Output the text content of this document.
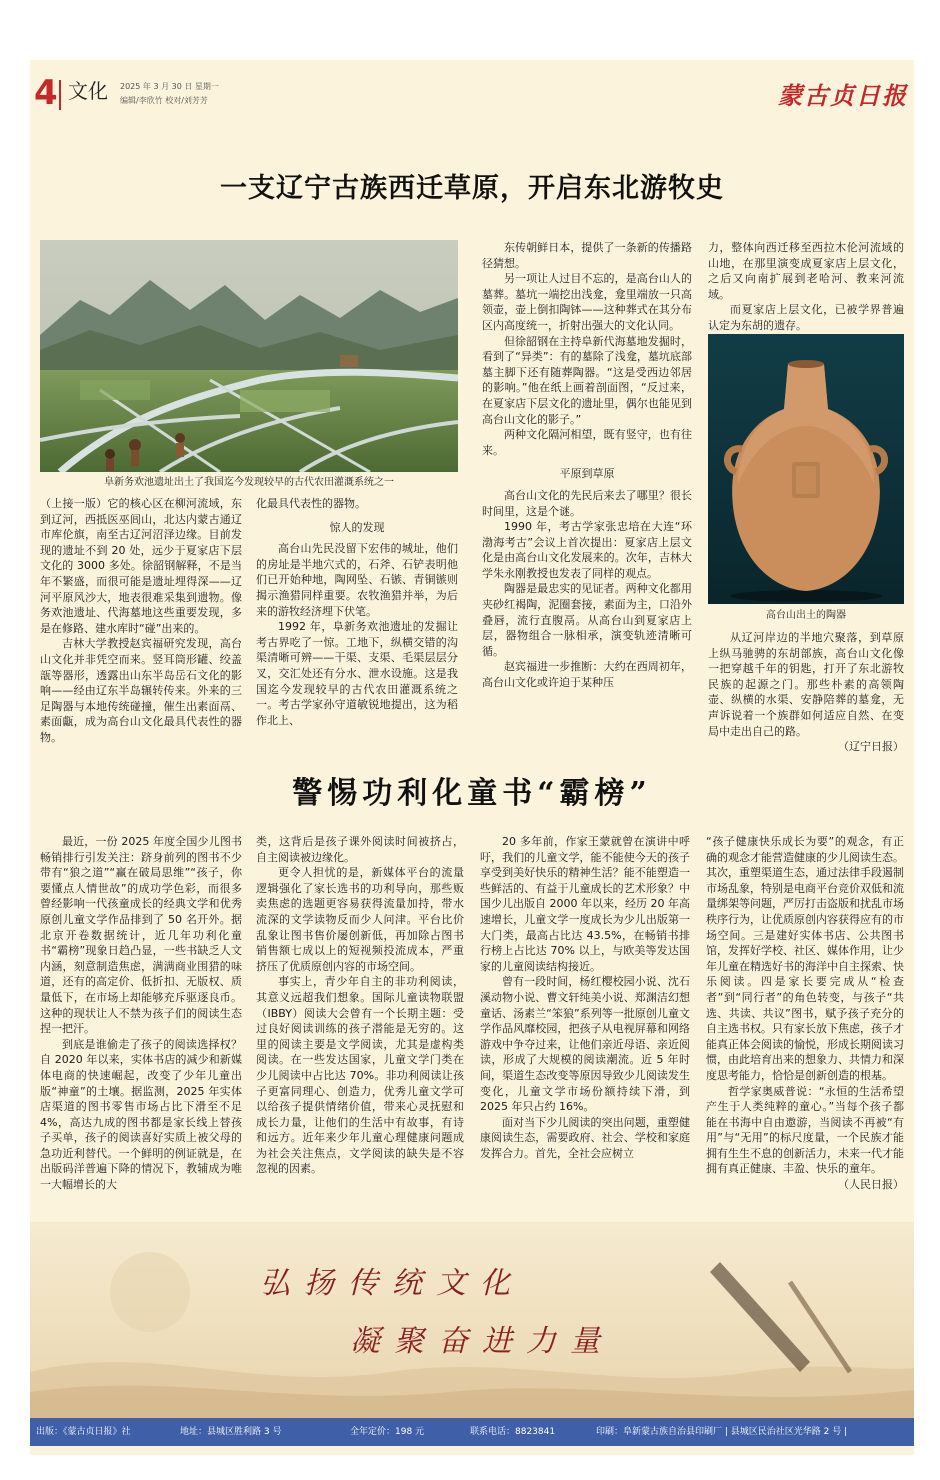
4 文化 2025 年 3 月 30 日 星期一
编辑/李欣竹 校对/刘芳芳	蒙古贞日报
一支辽宁古族西迁草原，开启东北游牧史
阜新务欢池遗址出土了我国迄今发现较早的古代农田灌溉系统之一

东传朝鲜日本，提供了一条新的传播路径猜想。

另一项让人过目不忘的，是高台山人的墓葬。墓坑一端挖出浅龛，龛里端放一只高领壶，壶上倒扣陶钵——这种葬式在其分布区内高度统一，折射出强大的文化认同。

但徐韶钢在主持阜新代海墓地发掘时，看到了“异类”：有的墓除了浅龛，墓坑底部墓主脚下还有随葬陶器。“这是受西边邻居的影响。”他在纸上画着剖面图，“反过来，在夏家店下层文化的遗址里，偶尔也能见到高台山文化的影子。”

两种文化隔河相望，既有竖守，也有往来。

平原到草原

高台山文化的先民后来去了哪里？很长时间里，这是个谜。

1990 年，考古学家张忠培在大连“环渤海考古”会议上首次提出：夏家店上层文化是由高台山文化发展来的。次年，吉林大学朱永刚教授也发表了同样的观点。

陶器是最忠实的见证者。两种文化都用夹砂红褐陶，泥圈套接，素面为主，口沿外叠唇，流行直腹鬲。从高台山到夏家店上层，器物组合一脉相承，演变轨迹清晰可循。

赵宾福进一步推断：大约在西周初年，高台山文化或许迫于某种压

力，整体向西迁移至西拉木伦河流域的山地，在那里演变成夏家店上层文化，之后又向南扩展到老哈河、教来河流域。

而夏家店上层文化，已被学界普遍认定为东胡的遗存。

高台山出土的陶器

从辽河岸边的半地穴聚落，到草原上纵马驰骋的东胡部族，高台山文化像一把穿越千年的钥匙，打开了东北游牧民族的起源之门。那些朴素的高领陶壶、纵横的水渠、安静陪葬的墓龛，无声诉说着一个族群如何适应自然、在变局中走出自己的路。

（辽宁日报）

（上接一版）它的核心区在柳河流域，东到辽河，西抵医巫闾山，北达内蒙古通辽市库伦旗，南至古辽河沼泽边缘。目前发现的遗址不到 20 处，远少于夏家店下层文化的 3000 多处。徐韶钢解释，不是当年不繁盛，而很可能是遗址埋得深——辽河平原风沙大，地表很难采集到遗物。像务欢池遗址、代海墓地这些重要发现，多是在修路、建水库时“碰”出来的。

吉林大学教授赵宾福研究发现，高台山文化并非凭空而来。竖耳筒形罐、绞盖瓿等器形，透露出山东半岛岳石文化的影响——经由辽东半岛辗转传来。外来的三足陶器与本地传统碰撞，催生出素面鬲、素面甗，成为高台山文化最具代表性的器物。

化最具代表性的器物。

惊人的发现

高台山先民没留下宏伟的城址，他们的房址是半地穴式的，石斧、石铲表明他们已开始种地，陶网坠、石镞、青铜镞则揭示渔猎同样重要。农牧渔猎并举，为后来的游牧经济埋下伏笔。

1992 年，阜新务欢池遗址的发掘让考古界吃了一惊。工地下，纵横交错的沟渠清晰可辨——干渠、支渠、毛渠层层分叉，交汇处还有分水、泄水设施。这是我国迄今发现较早的古代农田灌溉系统之一。考古学家孙守道敏锐地提出，这为稻作北上、

警惕功利化童书“霸榜”

最近，一份 2025 年度全国少儿图书畅销排行引发关注：跻身前列的图书不少带有“狼之道”“赢在破局思维”“孩子，你要懂点人情世故”的成功学色彩，而很多曾经影响一代孩童成长的经典文学和优秀原创儿童文学作品排到了 50 名开外。据北京开卷数据统计，近几年功利化童书“霸榜”现象日趋凸显，一些书缺乏人文内涵，刻意制造焦虑，满满商业围猎的味道，还有的高定价、低折扣、无版权、质量低下，在市场上却能够充斥驱逐良币。这种的现状让人不禁为孩子们的阅读生态捏一把汗。

到底是谁偷走了孩子的阅读选择权？自 2020 年以来，实体书店的减少和新媒体电商的快速崛起，改变了少年儿童出版“神童”的土壤。据监测，2025 年实体店渠道的图书零售市场占比下滑至不足 4%，高达九成的图书都是家长线上替孩子买单，孩子的阅读喜好实质上被父母的急功近利替代。一个鲜明的例证就是，在出版码洋普遍下降的情况下，教辅成为唯一大幅增长的大

类，这背后是孩子课外阅读时间被挤占，自主阅读被边缘化。

更令人担忧的是，新媒体平台的流量逻辑强化了家长选书的功利导向，那些贩卖焦虑的选题更容易获得流量加持，带水流深的文学读物反而少人问津。平台比价乱象让图书售价屡创新低，再加除占图书销售额七成以上的短视频投流成本，严重挤压了优质原创内容的市场空间。

事实上，青少年自主的非功利阅读，其意义远超我们想象。国际儿童读物联盟（IBBY）阅读大会曾有一个长期主题：受过良好阅读训练的孩子潜能是无穷的。这里的阅读主要是文学阅读，尤其是虚构类阅读。在一些发达国家，儿童文学门类在少儿阅读中占比达 70%。非功利阅读让孩子更富同理心、创造力，优秀儿童文学可以给孩子提供情绪价值，带来心灵抚慰和成长力量，让他们的生活中有故事，有诗和远方。近年来少年儿童心理健康问题成为社会关注焦点，文学阅读的缺失是不容忽视的因素。

20 多年前，作家王蒙就曾在演讲中呼吁，我们的儿童文学，能不能使今天的孩子享受到美好快乐的精神生活？能不能塑造一些鲜活的、有益于儿童成长的艺术形象？中国少儿出版自 2000 年以来，经历 20 年高速增长，儿童文学一度成长为少儿出版第一大门类，最高占比达 43.5%，在畅销书排行榜上占比达 70% 以上，与欧美等发达国家的儿童阅读结构接近。

曾有一段时间，杨红樱校园小说、沈石溪动物小说、曹文轩纯美小说、郑渊洁幻想童话、汤素兰“笨狼”系列等一批原创儿童文学作品风靡校园，把孩子从电视屏幕和网络游戏中争夺过来，让他们亲近母语、亲近阅读，形成了大规模的阅读潮流。近 5 年时间，渠道生态改变等原因导致少儿阅读发生变化，儿童文学市场份额持续下滑，到 2025 年只占约 16%。

面对当下少儿阅读的突出问题，重塑健康阅读生态，需要政府、社会、学校和家庭发挥合力。首先，全社会应树立

“孩子健康快乐成长为要”的观念，有正确的观念才能营造健康的少儿阅读生态。其次，重塑渠道生态，通过法律手段遏制市场乱象，特别是电商平台竞价双低和流量绑架等问题，严厉打击盗版和扰乱市场秩序行为，让优质原创内容获得应有的市场空间。三是建好实体书店、公共图书馆，发挥好学校、社区、媒体作用，让少年儿童在精选好书的海洋中自主探索、快乐阅读。四是家长要完成从“检查者”到“同行者”的角色转变，与孩子“共选、共读、共议”图书，赋予孩子充分的自主选书权。只有家长放下焦虑，孩子才能真正体会阅读的愉悦，形成长期阅读习惯，由此培育出来的想象力、共情力和深度思考能力，恰恰是创新创造的根基。

哲学家奥威普说：“永恒的生活希望产生于人类纯粹的童心。”当每个孩子都能在书海中自由遨游，当阅读不再被“有用”与“无用”的标尺度量，一个民族才能拥有生生不息的创新活力，未来一代才能拥有真正健康、丰盈、快乐的童年。

（人民日报）

弘扬传统文化
凝聚奋进力量
出版：《蒙古贞日报》社	地址：县城区胜利路 3 号	全年定价：198 元	联系电话：8823841	印刷：阜新蒙古族自治县印刷厂 | 县城区民治社区光华路 2 号 |
